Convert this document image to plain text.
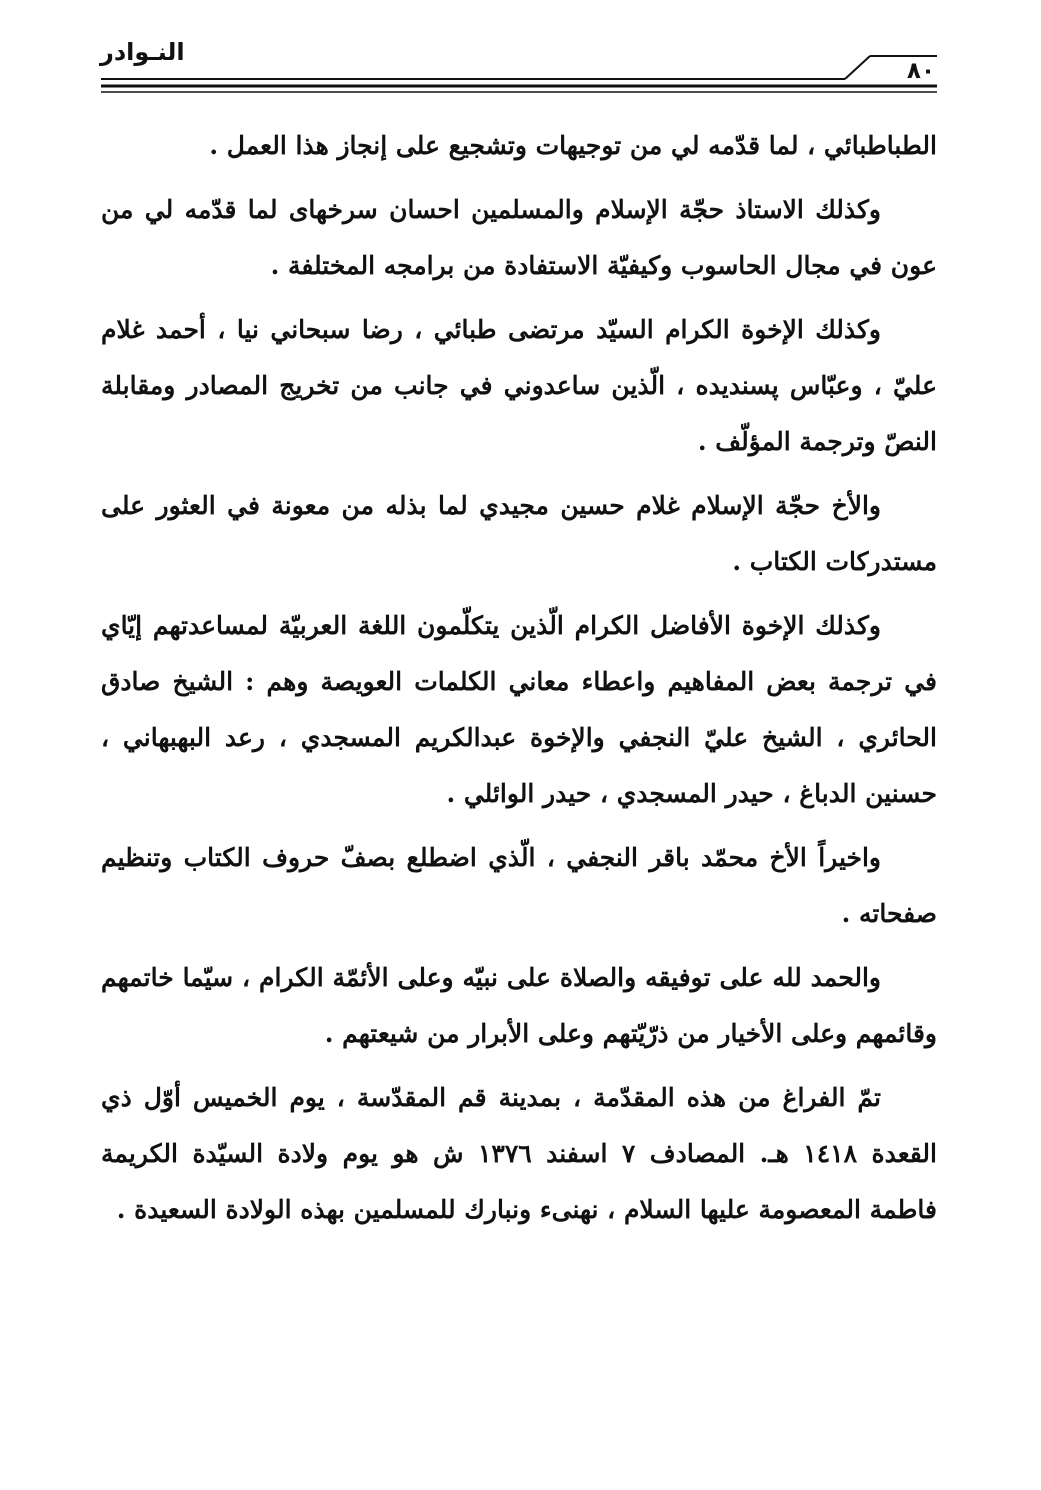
النـوادر
٨٠

الطباطبائي ، لما قدّمه لي من توجيهات وتشجيع على إنجاز هذا العمل .

وكذلك الاستاذ حجّة الإسلام والمسلمين احسان سرخهاى لما قدّمه لي من عون في مجال الحاسوب وكيفيّة الاستفادة من برامجه المختلفة .

وكذلك الإخوة الكرام السيّد مرتضى طبائي ، رضا سبحاني نيا ، أحمد غلام عليّ ، وعبّاس پسنديده ، الّذين ساعدوني في جانب من تخريج المصادر ومقابلة النصّ وترجمة المؤلّف .

والأخ حجّة الإسلام غلام حسين مجيدي لما بذله من معونة في العثور على مستدركات الكتاب .

وكذلك الإخوة الأفاضل الكرام الّذين يتكلّمون اللغة العربيّة لمساعدتهم إيّاي في ترجمة بعض المفاهيم واعطاء معاني الكلمات العويصة وهم : الشيخ صادق الحائري ، الشيخ عليّ النجفي والإخوة عبدالكريم المسجدي ، رعد البهبهاني ، حسنين الدباغ ، حيدر المسجدي ، حيدر الوائلي .

واخيراً الأخ محمّد باقر النجفي ، الّذي اضطلع بصفّ حروف الكتاب وتنظيم صفحاته .

والحمد لله على توفيقه والصلاة على نبيّه وعلى الأئمّة الكرام ، سيّما خاتمهم وقائمهم وعلى الأخيار من ذرّيّتهم وعلى الأبرار من شيعتهم .

تمّ الفراغ من هذه المقدّمة ، بمدينة قم المقدّسة ، يوم الخميس أوّل ذي القعدة ١٤١٨ هـ. المصادف ٧ اسفند ١٣٧٦ ش هو يوم ولادة السيّدة الكريمة فاطمة المعصومة عليها السلام ، نهنىء ونبارك للمسلمين بهذه الولادة السعيدة .
